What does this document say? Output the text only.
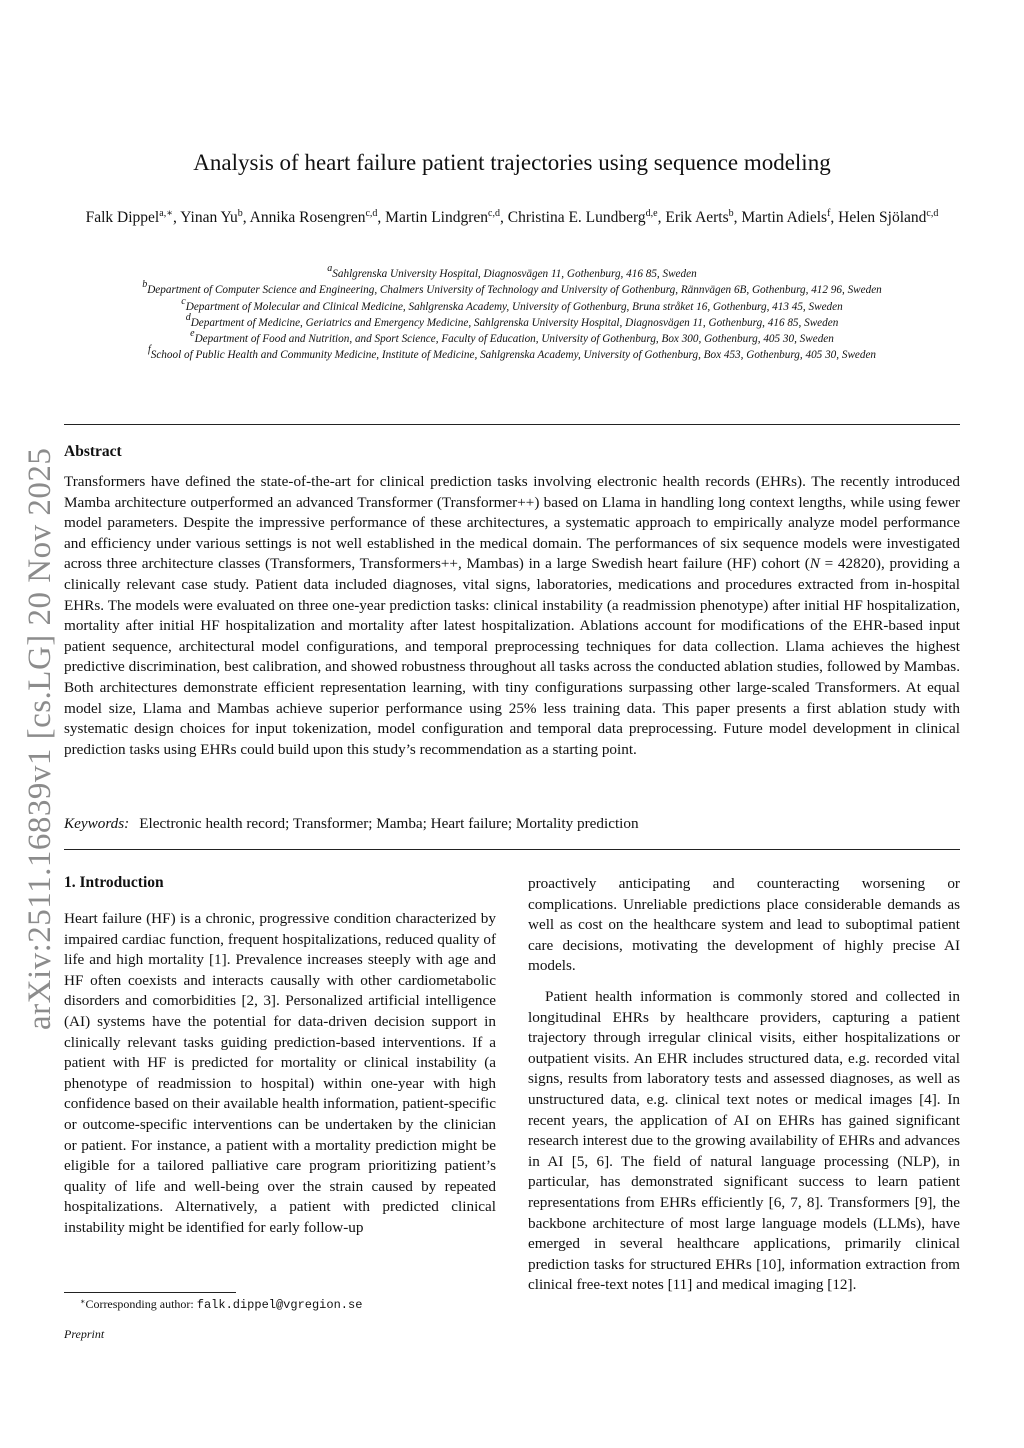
arXiv:2511.16839v1 [cs.LG] 20 Nov 2025
Analysis of heart failure patient trajectories using sequence modeling
Falk Dippel$^{a,∗}$, Yinan Yu$^b$, Annika Rosengren$^{c,d}$, Martin Lindgren$^{c,d}$, Christina E. Lundberg$^{d,e}$, Erik Aerts$^b$, Martin Adiels$^f$, Helen Sjöland$^{c,d}$
$^a$Sahlgrenska University Hospital, Diagnosvägen 11, Gothenburg, 416 85, Sweden
$^b$Department of Computer Science and Engineering, Chalmers University of Technology and University of Gothenburg, Rännvägen 6B, Gothenburg, 412 96, Sweden
$^c$Department of Molecular and Clinical Medicine, Sahlgrenska Academy, University of Gothenburg, Bruna stråket 16, Gothenburg, 413 45, Sweden
$^d$Department of Medicine, Geriatrics and Emergency Medicine, Sahlgrenska University Hospital, Diagnosvägen 11, Gothenburg, 416 85, Sweden
$^e$Department of Food and Nutrition, and Sport Science, Faculty of Education, University of Gothenburg, Box 300, Gothenburg, 405 30, Sweden
$^f$School of Public Health and Community Medicine, Institute of Medicine, Sahlgrenska Academy, University of Gothenburg, Box 453, Gothenburg, 405 30, Sweden
Abstract
Transformers have defined the state-of-the-art for clinical prediction tasks involving electronic health records (EHRs). The recently introduced Mamba architecture outperformed an advanced Transformer (Transformer++) based on Llama in handling long context lengths, while using fewer model parameters. Despite the impressive performance of these architectures, a systematic approach to empirically analyze model performance and efficiency under various settings is not well established in the medical domain. The performances of six sequence models were investigated across three architecture classes (Transformers, Transformers++, Mambas) in a large Swedish heart failure (HF) cohort (N = 42820), providing a clinically relevant case study. Patient data included diagnoses, vital signs, laboratories, medications and procedures extracted from in-hospital EHRs. The models were evaluated on three one-year prediction tasks: clinical instability (a readmission phenotype) after initial HF hospitalization, mortality after initial HF hospitalization and mortality after latest hospitalization. Ablations account for modifications of the EHR-based input patient sequence, architectural model configurations, and temporal preprocessing techniques for data collection. Llama achieves the highest predictive discrimination, best calibration, and showed robustness throughout all tasks across the conducted ablation studies, followed by Mambas. Both architectures demonstrate efficient representation learning, with tiny configurations surpassing other large-scaled Transformers. At equal model size, Llama and Mambas achieve superior performance using 25% less training data. This paper presents a first ablation study with systematic design choices for input tokenization, model configuration and temporal data preprocessing. Future model development in clinical prediction tasks using EHRs could build upon this study’s recommendation as a starting point.
Keywords: Electronic health record; Transformer; Mamba; Heart failure; Mortality prediction
1. Introduction

Heart failure (HF) is a chronic, progressive condition characterized by impaired cardiac function, frequent hospitalizations, reduced quality of life and high mortality [1]. Prevalence increases steeply with age and HF often coexists and interacts causally with other cardiometabolic disorders and comorbidities [2, 3]. Personalized artificial intelligence (AI) systems have the potential for data-driven decision support in clinically relevant tasks guiding prediction-based interventions. If a patient with HF is predicted for mortality or clinical instability (a phenotype of readmission to hospital) within one-year with high confidence based on their available health information, patient-specific or outcome-specific interventions can be undertaken by the clinician or patient. For instance, a patient with a mortality prediction might be eligible for a tailored palliative care program prioritizing patient’s quality of life and well-being over the strain caused by repeated hospitalizations. Alternatively, a patient with predicted clinical instability might be identified for early follow-up

proactively anticipating and counteracting worsening or complications. Unreliable predictions place considerable demands as well as cost on the healthcare system and lead to suboptimal patient care decisions, motivating the development of highly precise AI models.

Patient health information is commonly stored and collected in longitudinal EHRs by healthcare providers, capturing a patient trajectory through irregular clinical visits, either hospitalizations or outpatient visits. An EHR includes structured data, e.g. recorded vital signs, results from laboratory tests and assessed diagnoses, as well as unstructured data, e.g. clinical text notes or medical images [4]. In recent years, the application of AI on EHRs has gained significant research interest due to the growing availability of EHRs and advances in AI [5, 6]. The field of natural language processing (NLP), in particular, has demonstrated significant success to learn patient representations from EHRs efficiently [6, 7, 8]. Transformers [9], the backbone architecture of most large language models (LLMs), have emerged in several healthcare applications, primarily clinical prediction tasks for structured EHRs [10], information extraction from clinical free-text notes [11] and medical imaging [12].

∗Corresponding author: falk.dippel@vgregion.se
Preprint
